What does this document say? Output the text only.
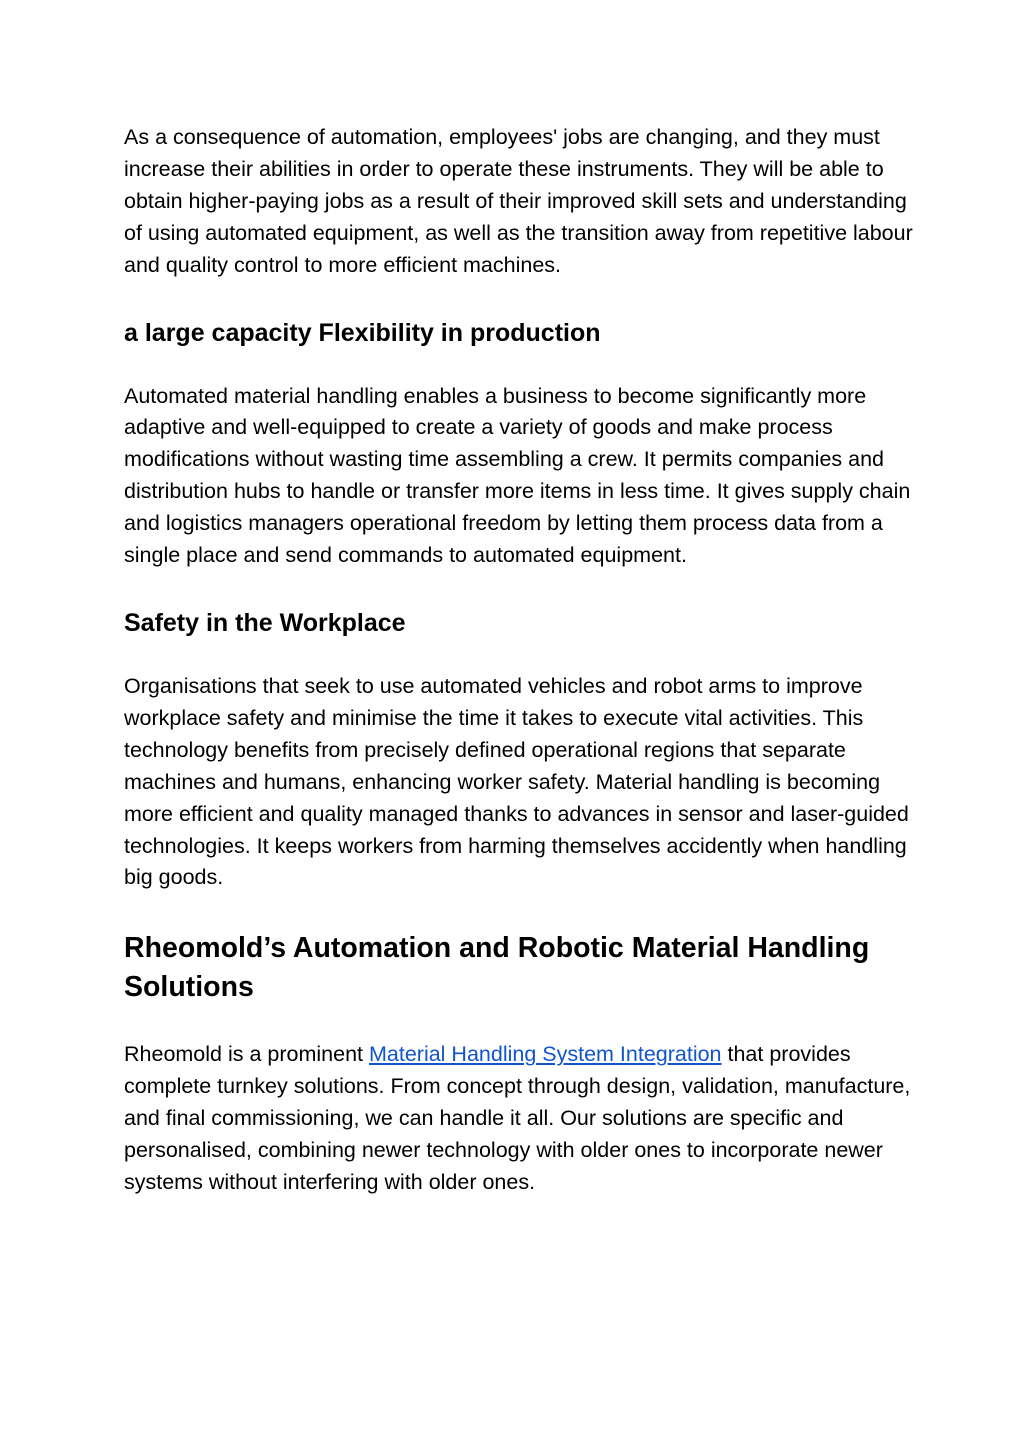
As a consequence of automation, employees' jobs are changing, and they must increase their abilities in order to operate these instruments. They will be able to obtain higher-paying jobs as a result of their improved skill sets and understanding of using automated equipment, as well as the transition away from repetitive labour and quality control to more efficient machines.

a large capacity Flexibility in production

Automated material handling enables a business to become significantly more adaptive and well-equipped to create a variety of goods and make process modifications without wasting time assembling a crew. It permits companies and distribution hubs to handle or transfer more items in less time. It gives supply chain and logistics managers operational freedom by letting them process data from a single place and send commands to automated equipment.

Safety in the Workplace

Organisations that seek to use automated vehicles and robot arms to improve workplace safety and minimise the time it takes to execute vital activities. This technology benefits from precisely defined operational regions that separate machines and humans, enhancing worker safety. Material handling is becoming more efficient and quality managed thanks to advances in sensor and laser-guided technologies. It keeps workers from harming themselves accidently when handling big goods.

Rheomold’s Automation and Robotic Material Handling Solutions

Rheomold is a prominent Material Handling System Integration that provides complete turnkey solutions. From concept through design, validation, manufacture, and final commissioning, we can handle it all. Our solutions are specific and personalised, combining newer technology with older ones to incorporate newer systems without interfering with older ones.
